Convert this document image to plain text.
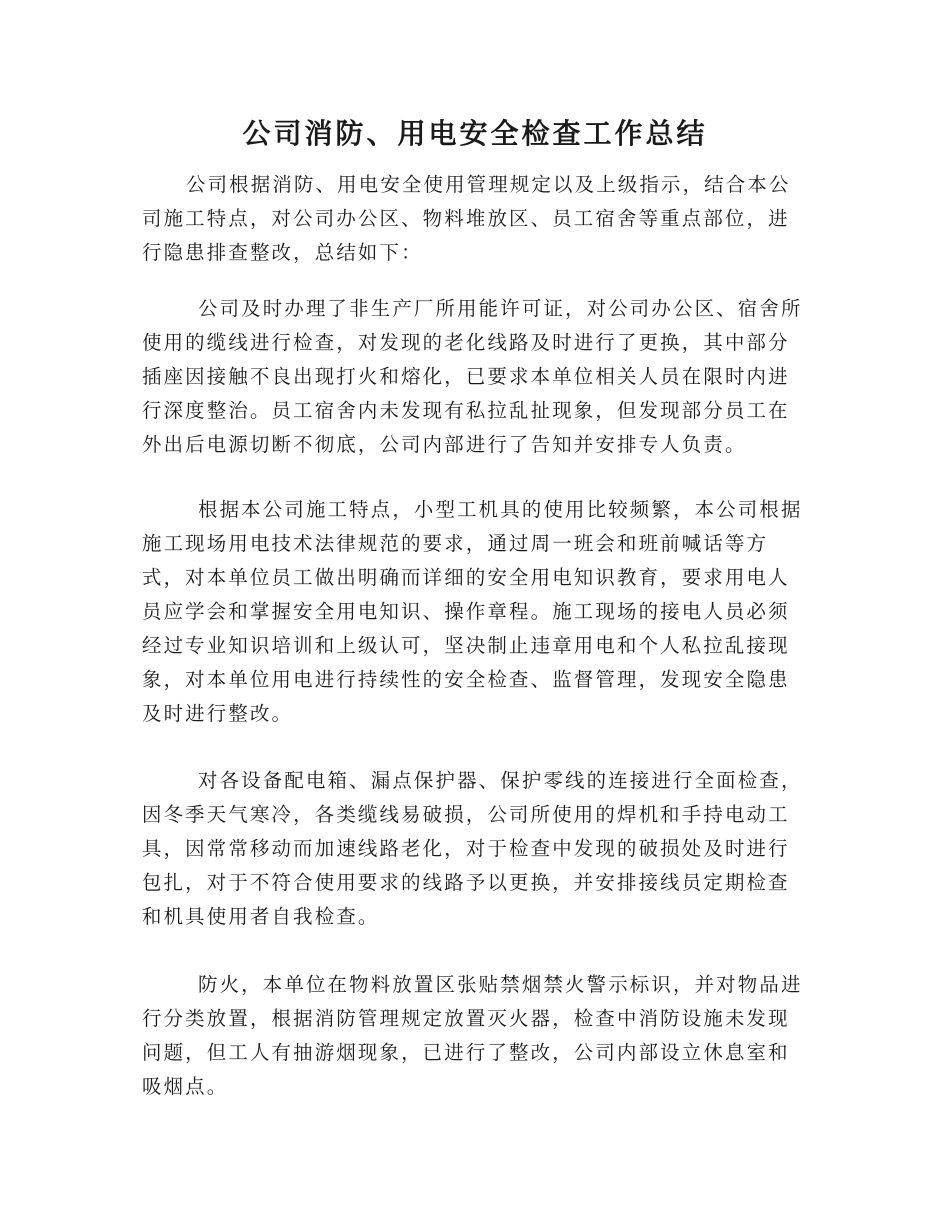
公司消防、用电安全检查工作总结
公司根据消防、用电安全使用管理规定以及上级指示，结合本公
司施工特点，对公司办公区、物料堆放区、员工宿舍等重点部位，进
行隐患排查整改，总结如下：
公司及时办理了非生产厂所用能许可证，对公司办公区、宿舍所
使用的缆线进行检查，对发现的老化线路及时进行了更换，其中部分
插座因接触不良出现打火和熔化，已要求本单位相关人员在限时内进
行深度整治。员工宿舍内未发现有私拉乱扯现象，但发现部分员工在
外出后电源切断不彻底，公司内部进行了告知并安排专人负责。
根据本公司施工特点，小型工机具的使用比较频繁，本公司根据
施工现场用电技术法律规范的要求，通过周一班会和班前喊话等方
式，对本单位员工做出明确而详细的安全用电知识教育，要求用电人
员应学会和掌握安全用电知识、操作章程。施工现场的接电人员必须
经过专业知识培训和上级认可，坚决制止违章用电和个人私拉乱接现
象，对本单位用电进行持续性的安全检查、监督管理，发现安全隐患
及时进行整改。
对各设备配电箱、漏点保护器、保护零线的连接进行全面检查，
因冬季天气寒冷，各类缆线易破损，公司所使用的焊机和手持电动工
具，因常常移动而加速线路老化，对于检查中发现的破损处及时进行
包扎，对于不符合使用要求的线路予以更换，并安排接线员定期检查
和机具使用者自我检查。
防火，本单位在物料放置区张贴禁烟禁火警示标识，并对物品进
行分类放置，根据消防管理规定放置灭火器，检查中消防设施未发现
问题，但工人有抽游烟现象，已进行了整改，公司内部设立休息室和
吸烟点。
